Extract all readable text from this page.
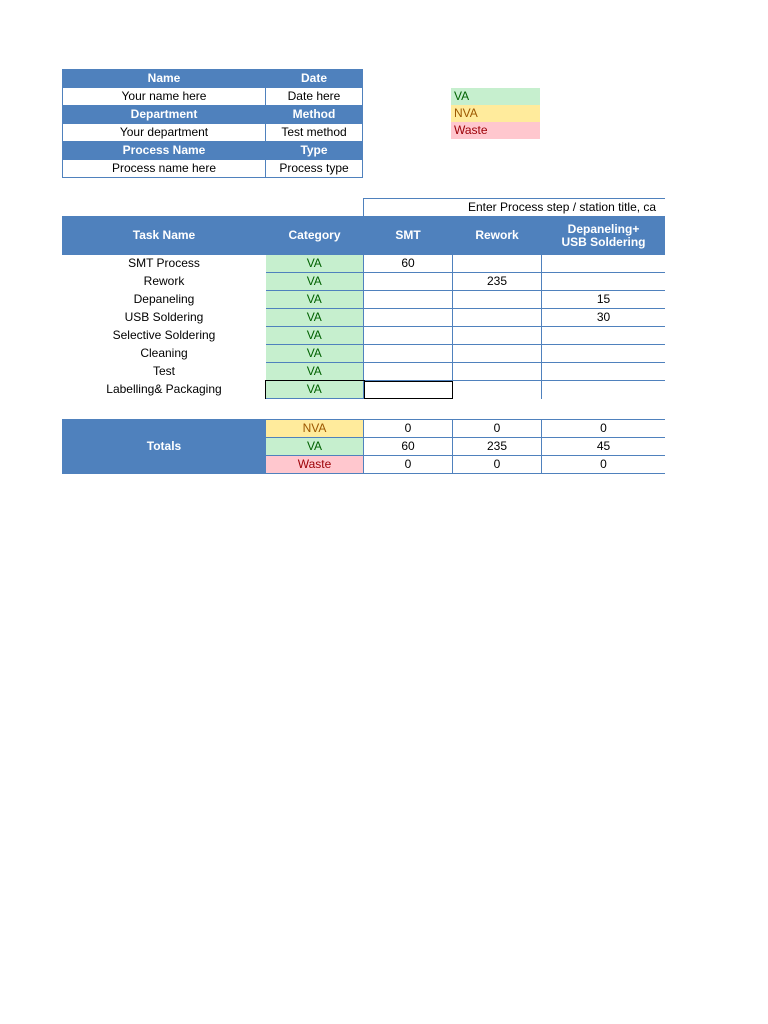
Name	Date
Your name here	Date here
Department	Method
Your department	Test method
Process Name	Type
Process name here	Process type
VA
NVA
Waste
Enter Process step / station title, ca
Task Name	Category	SMT	Rework	Depaneling+
USB Soldering

SMT Process	VA	60		
Rework	VA		235	
Depaneling	VA			15
USB Soldering	VA			30
Selective Soldering	VA			
Cleaning	VA			
Test	VA			
Labelling& Packaging	VA			
Totals	NVA	0	0	0
	VA	60	235	45
	Waste	0	0	0
